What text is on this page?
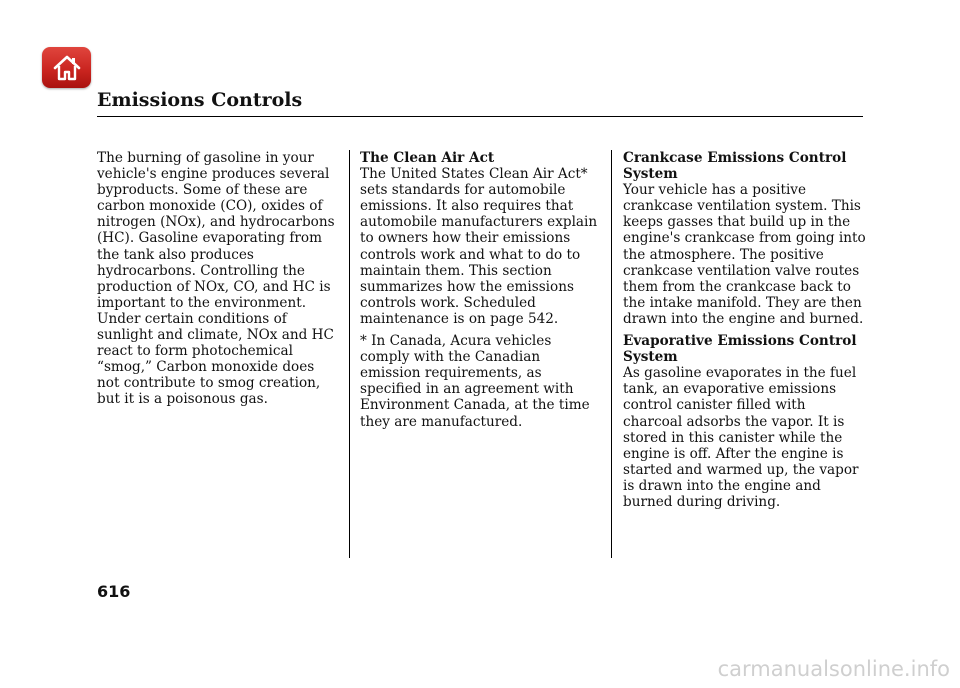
Emissions Controls

The burning of gasoline in your vehicle's engine produces several byproducts. Some of these are carbon monoxide (CO), oxides of nitrogen (NOx), and hydrocarbons (HC). Gasoline evaporating from the tank also produces hydrocarbons. Controlling the production of NOx, CO, and HC is important to the environment. Under certain conditions of sunlight and climate, NOx and HC react to form photochemical “smog,” Carbon monoxide does not contribute to smog creation, but it is a poisonous gas.

The Clean Air Act

The United States Clean Air Act* sets standards for automobile emissions. It also requires that automobile manufacturers explain to owners how their emissions controls work and what to do to maintain them. This section summarizes how the emissions controls work. Scheduled maintenance is on page 542.

* In Canada, Acura vehicles comply with the Canadian emission requirements, as specified in an agreement with Environment Canada, at the time they are manufactured.

Crankcase Emissions Control System

Your vehicle has a positive crankcase ventilation system. This keeps gasses that build up in the engine's crankcase from going into the atmosphere. The positive crankcase ventilation valve routes them from the crankcase back to the intake manifold. They are then drawn into the engine and burned.

Evaporative Emissions Control System

As gasoline evaporates in the fuel tank, an evaporative emissions control canister filled with charcoal adsorbs the vapor. It is stored in this canister while the engine is off. After the engine is started and warmed up, the vapor is drawn into the engine and burned during driving.

616
carmanualsonline.info
